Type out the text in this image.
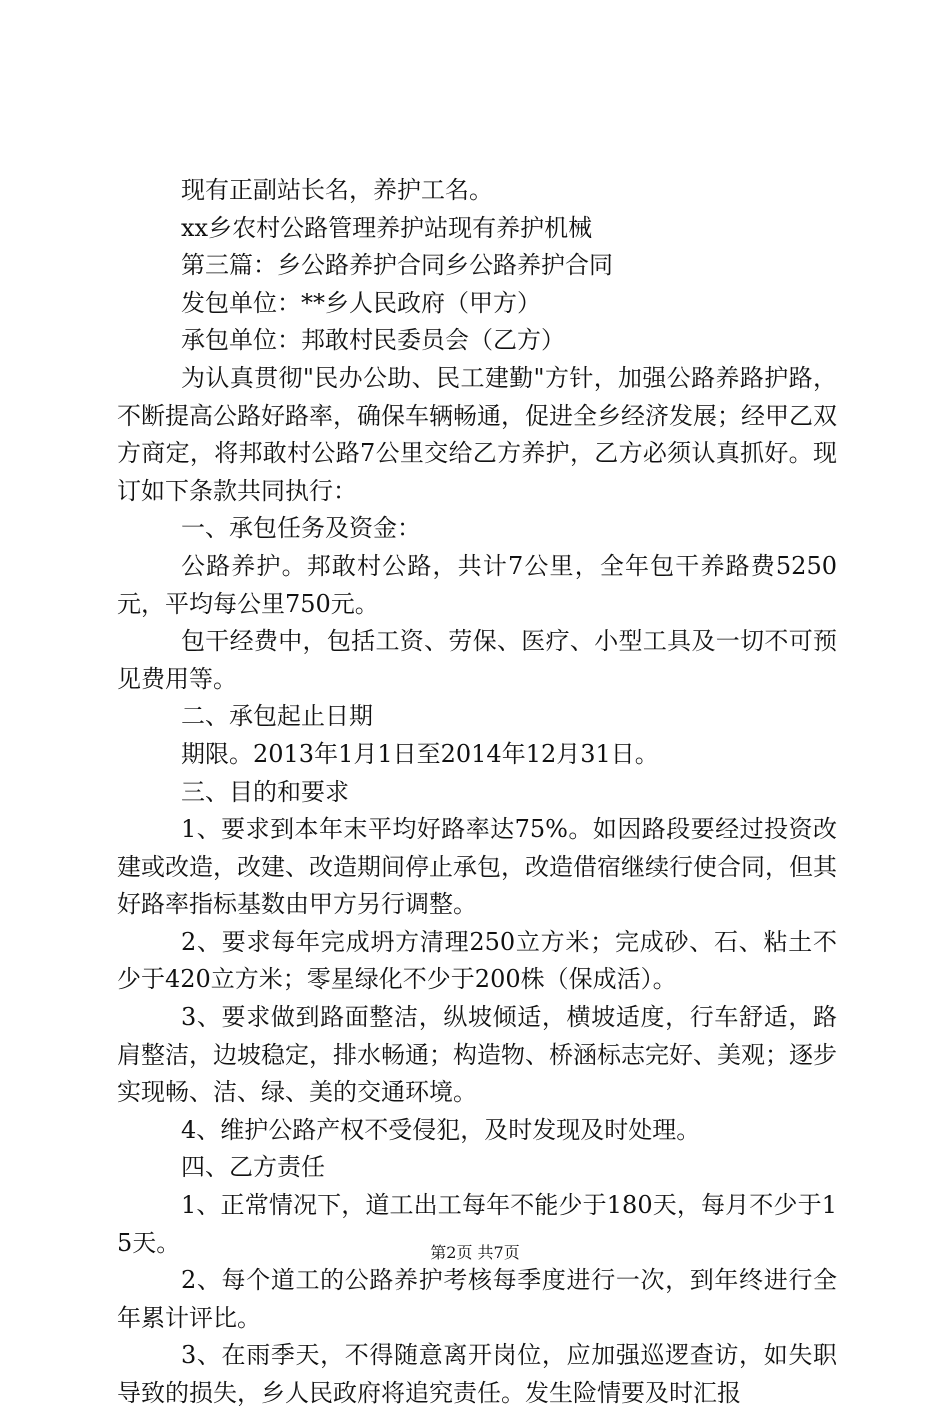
现有正副站长名，养护工名。

xx乡农村公路管理养护站现有养护机械

第三篇：乡公路养护合同乡公路养护合同

发包单位：**乡人民政府（甲方）

承包单位：邦敢村民委员会（乙方）

为认真贯彻"民办公助、民工建勤"方针，加强公路养路护路，不断提高公路好路率，确保车辆畅通，促进全乡经济发展；经甲乙双方商定，将邦敢村公路7公里交给乙方养护，乙方必须认真抓好。现订如下条款共同执行：

一、承包任务及资金：

公路养护。邦敢村公路，共计7公里，全年包干养路费5250元，平均每公里750元。

包干经费中，包括工资、劳保、医疗、小型工具及一切不可预见费用等。

二、承包起止日期

期限。2013年1月1日至2014年12月31日。

三、目的和要求

1、要求到本年末平均好路率达75%。如因路段要经过投资改建或改造，改建、改造期间停止承包，改造借宿继续行使合同，但其好路率指标基数由甲方另行调整。

2、要求每年完成坍方清理250立方米；完成砂、石、粘土不少于420立方米；零星绿化不少于200株（保成活）。

3、要求做到路面整洁，纵坡倾适，横坡适度，行车舒适，路肩整洁，边坡稳定，排水畅通；构造物、桥涵标志完好、美观；逐步实现畅、洁、绿、美的交通环境。

4、维护公路产权不受侵犯，及时发现及时处理。

四、乙方责任

1、正常情况下，道工出工每年不能少于180天，每月不少于15天。

2、每个道工的公路养护考核每季度进行一次，到年终进行全年累计评比。

3、在雨季天，不得随意离开岗位，应加强巡逻查访，如失职导致的损失，乡人民政府将追究责任。发生险情要及时汇报

第2页 共7页
